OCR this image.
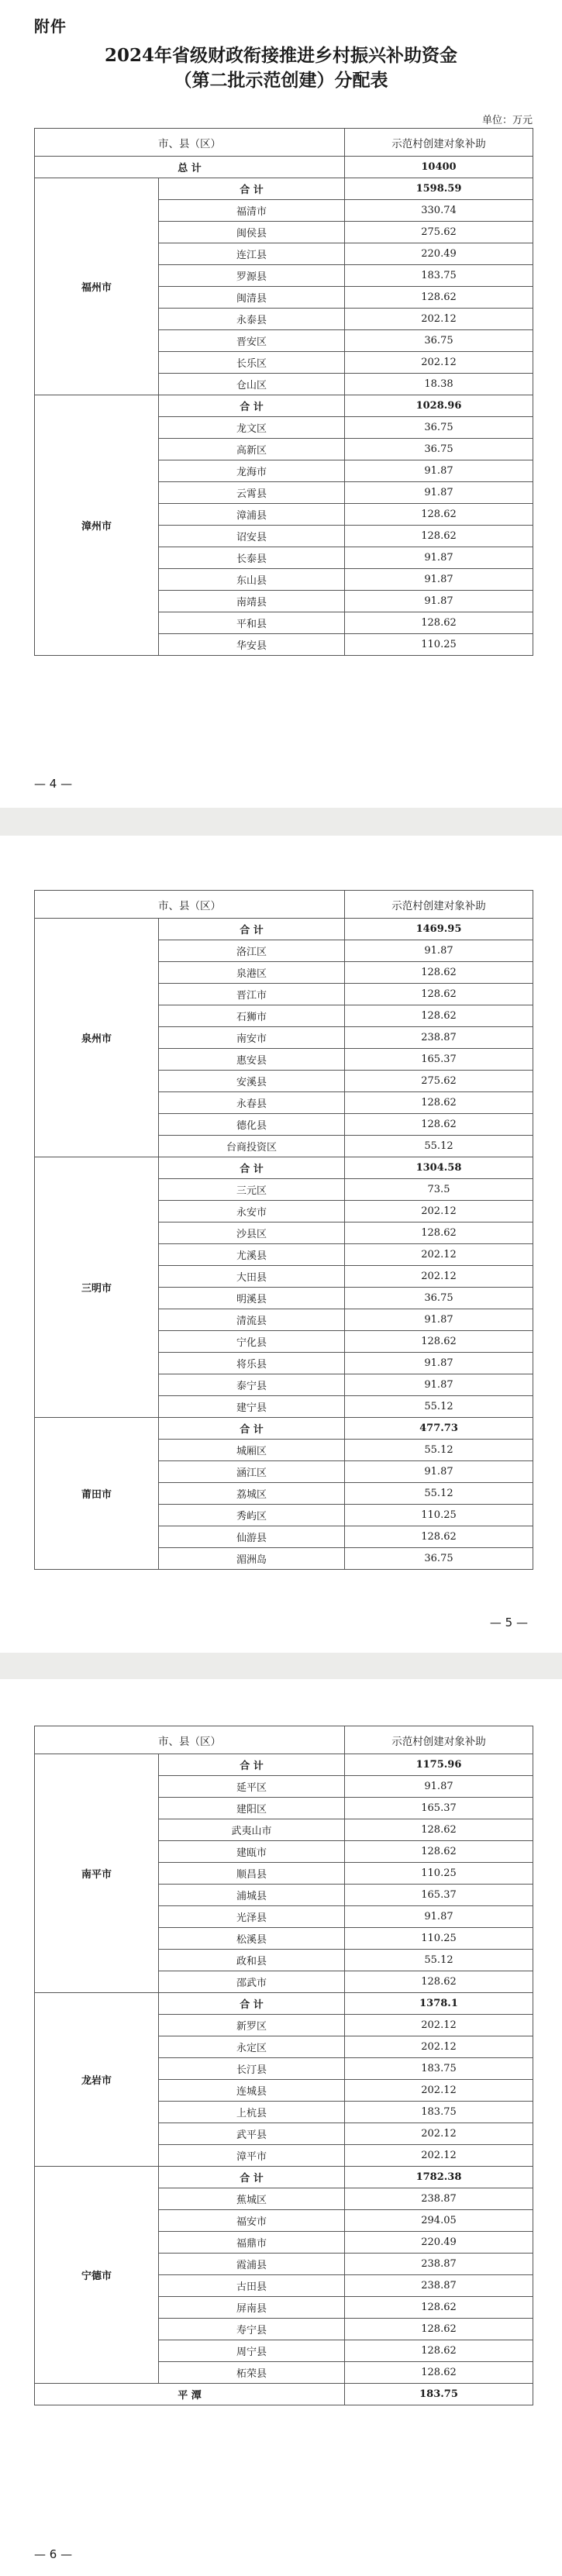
附件
2024年省级财政衔接推进乡村振兴补助资金
（第二批示范创建）分配表
单位：万元
市、县（区）		示范村创建对象补助
总 计		10400
福州市	合 计	1598.59
	福清市	330.74
	闽侯县	275.62
	连江县	220.49
	罗源县	183.75
	闽清县	128.62
	永泰县	202.12
	晋安区	36.75
	长乐区	202.12
	仓山区	18.38
漳州市	合 计	1028.96
	龙文区	36.75
	高新区	36.75
	龙海市	91.87
	云霄县	91.87
	漳浦县	128.62
	诏安县	128.62
	长泰县	91.87
	东山县	91.87
	南靖县	91.87
	平和县	128.62
	华安县	110.25
— 4 —
市、县（区）		示范村创建对象补助
泉州市	合 计	1469.95
	洛江区	91.87
	泉港区	128.62
	晋江市	128.62
	石狮市	128.62
	南安市	238.87
	惠安县	165.37
	安溪县	275.62
	永春县	128.62
	德化县	128.62
	台商投资区	55.12
三明市	合 计	1304.58
	三元区	73.5
	永安市	202.12
	沙县区	128.62
	尤溪县	202.12
	大田县	202.12
	明溪县	36.75
	清流县	91.87
	宁化县	128.62
	将乐县	91.87
	泰宁县	91.87
	建宁县	55.12
莆田市	合 计	477.73
	城厢区	55.12
	涵江区	91.87
	荔城区	55.12
	秀屿区	110.25
	仙游县	128.62
	湄洲岛	36.75
— 5 —
市、县（区）		示范村创建对象补助
南平市	合 计	1175.96
	延平区	91.87
	建阳区	165.37
	武夷山市	128.62
	建瓯市	128.62
	顺昌县	110.25
	浦城县	165.37
	光泽县	91.87
	松溪县	110.25
	政和县	55.12
	邵武市	128.62
龙岩市	合 计	1378.1
	新罗区	202.12
	永定区	202.12
	长汀县	183.75
	连城县	202.12
	上杭县	183.75
	武平县	202.12
	漳平市	202.12
宁德市	合 计	1782.38
	蕉城区	238.87
	福安市	294.05
	福鼎市	220.49
	霞浦县	238.87
	古田县	238.87
	屏南县	128.62
	寿宁县	128.62
	周宁县	128.62
	柘荣县	128.62
平 潭		183.75
— 6 —
